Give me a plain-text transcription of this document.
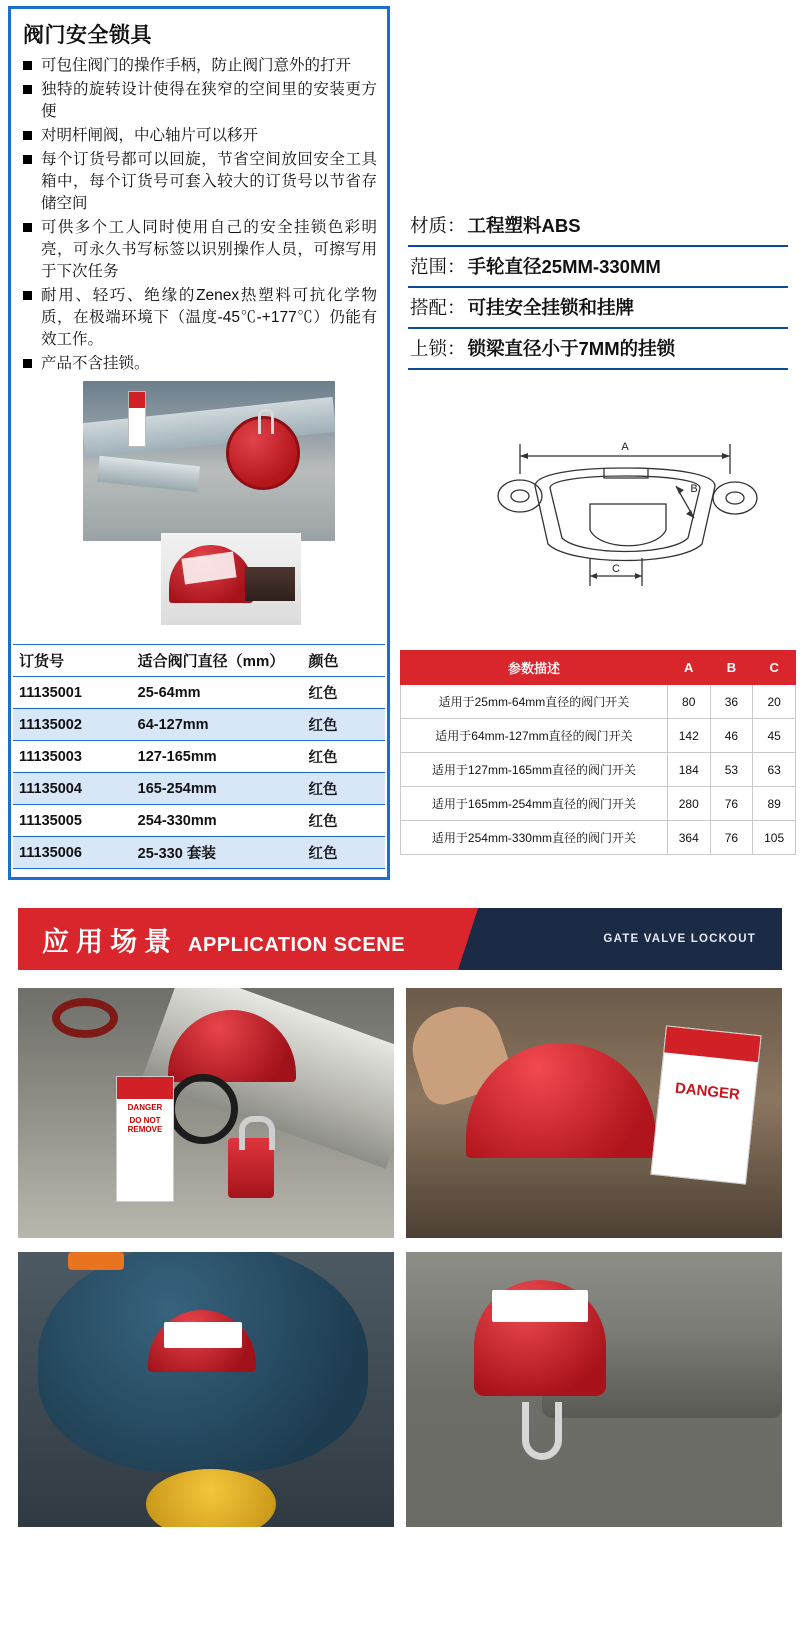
阀门安全锁具
可包住阀门的操作手柄，防止阀门意外的打开
独特的旋转设计使得在狭窄的空间里的安装更方便
对明杆闸阀，中心轴片可以移开
每个订货号都可以回旋，节省空间放回安全工具箱中，每个订货号可套入较大的订货号以节省存储空间
可供多个工人同时使用自己的安全挂锁色彩明亮，可永久书写标签以识别操作人员，可擦写用于下次任务
耐用、轻巧、绝缘的Zenex热塑料可抗化学物质，在极端环境下（温度-45℃-+177℃）仍能有效工作。
产品不含挂锁。
订货号	适合阀门直径（mm）	颜色
11135001	25-64mm	红色
11135002	64-127mm	红色
11135003	127-165mm	红色
11135004	165-254mm	红色
11135005	254-330mm	红色
11135006	25-330 套装	红色
材质： 工程塑料ABS
范围： 手轮直径25MM-330MM
搭配： 可挂安全挂锁和挂牌
上锁： 锁梁直径小于7MM的挂锁
A
B
C
参数描述	A	B	C
适用于25mm-64mm直径的阀门开关	80	36	20
适用于64mm-127mm直径的阀门开关	142	46	45
适用于127mm-165mm直径的阀门开关	184	53	63
适用于165mm-254mm直径的阀门开关	280	76	89
适用于254mm-330mm直径的阀门开关	364	76	105
应用场景 APPLICATION SCENE	GATE VALVE LOCKOUT
DANGER
DO NOT REMOVE
DANGER
